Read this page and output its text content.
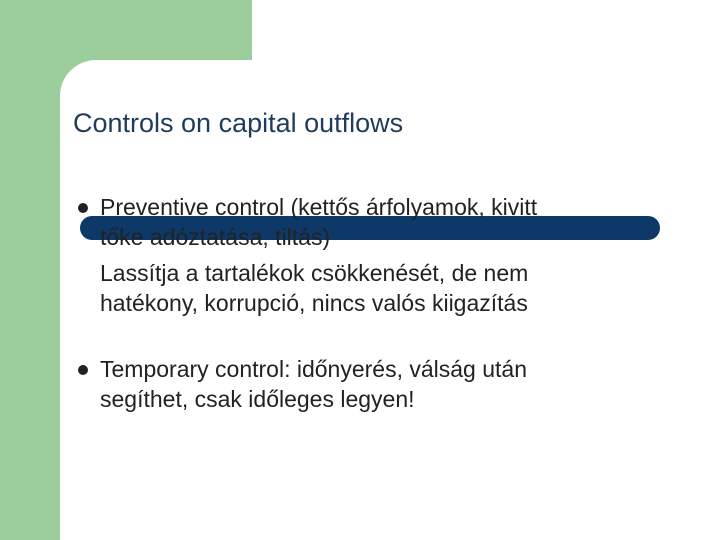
Controls on capital outflows
Preventive control (kettős árfolyamok, kivitt
tőke adóztatása, tiltás)
Lassítja a tartalékok csökkenését, de nem
hatékony, korrupció, nincs valós kiigazítás
Temporary control: időnyerés, válság után
segíthet, csak időleges legyen!
